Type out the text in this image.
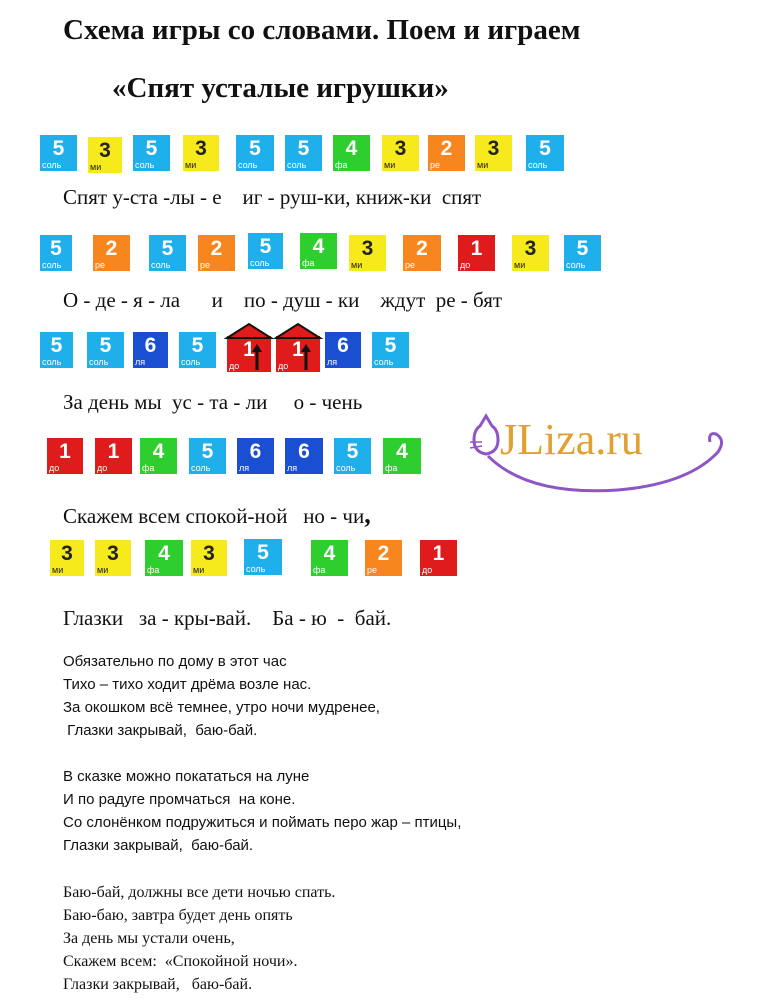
Схема игры со словами. Поем и играем
«Спят усталые игрушки»
5
соль
3
ми
5
соль
3
ми
5
соль
5
соль
4
фа
3
ми
2
ре
3
ми
5
соль
Спят у-ста -лы - е    иг - руш-ки, книж-ки  спят
5
соль
2
ре
5
соль
2
ре
5
соль
4
фа
3
ми
2
ре
1
до
3
ми
5
соль
О - де - я - ла      и    по - душ - ки    ждут  ре - бят
5
соль
5
соль
6
ля
5
соль
1
до
1
до
6
ля
5
соль
За день мы  ус - та - ли     о - чень
JLiza.ru
1
до
1
до
4
фа
5
соль
6
ля
6
ля
5
соль
4
фа
Скажем всем спокой-ной   но - чи,
3
ми
3
ми
4
фа
3
ми
5
соль
4
фа
2
ре
1
до
Глазки   за - кры-вай.    Ба - ю  -  бай.
Обязательно по дому в этот час
Тихо – тихо ходит дрёма возле нас.
За окошком всё темнее, утро ночи мудренее,
Глазки закрывай,  баю-бай.
В сказке можно покататься на луне
И по радуге промчаться  на коне.
Со слонёнком подружиться и поймать перо жар – птицы,
Глазки закрывай,  баю-бай.
Баю-бай, должны все дети ночью спать.
Баю-баю, завтра будет день опять
За день мы устали очень,
Скажем всем:  «Спокойной ночи».
Глазки закрывай,   баю-бай.
